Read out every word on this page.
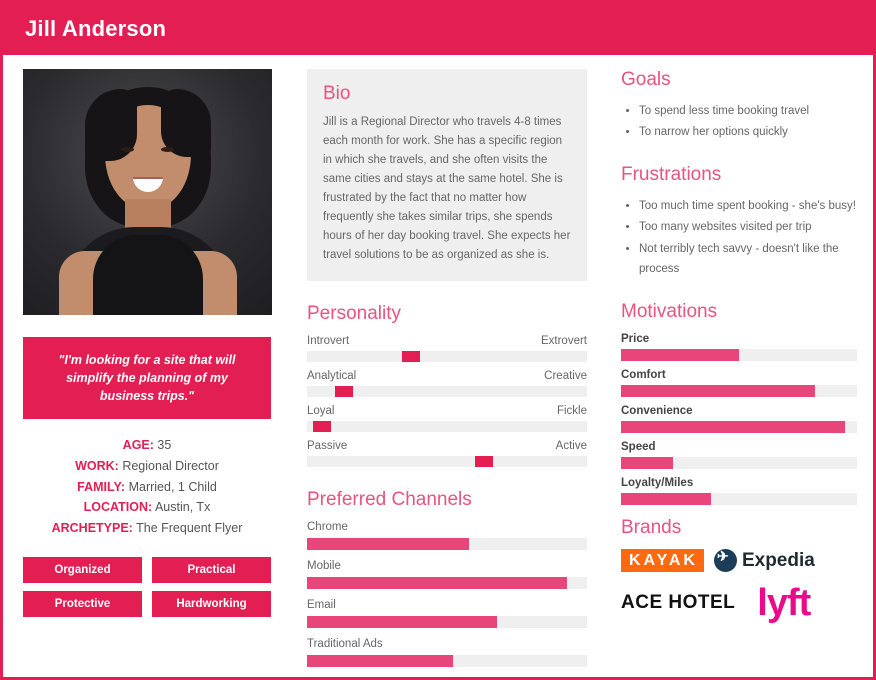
Jill Anderson
"I'm looking for a site that will simplify the planning of my business trips."
AGE: 35
WORK: Regional Director
FAMILY: Married, 1 Child
LOCATION: Austin, Tx
ARCHETYPE: The Frequent Flyer
Organized	Practical
Protective	Hardworking
Bio

Jill is a Regional Director who travels 4-8 times each month for work. She has a specific region in which she travels, and she often visits the same cities and stays at the same hotel. She is frustrated by the fact that no matter how frequently she takes similar trips, she spends hours of her day booking travel. She expects her travel solutions to be as organized as she is.

Personality
Introvert	Extrovert
Analytical	Creative
Loyal	Fickle
Passive	Active
Preferred Channels
Chrome
Mobile
Email
Traditional Ads
Goals
• To spend less time booking travel
• To narrow her options quickly
Frustrations
• Too much time spent booking - she's busy!
• Too many websites visited per trip
• Not terribly tech savvy - doesn't like the process
Motivations
Price
Comfort
Convenience
Speed
Loyalty/Miles
Brands
KAYAK ✈	Expedia
ACE HOTEL lyft
